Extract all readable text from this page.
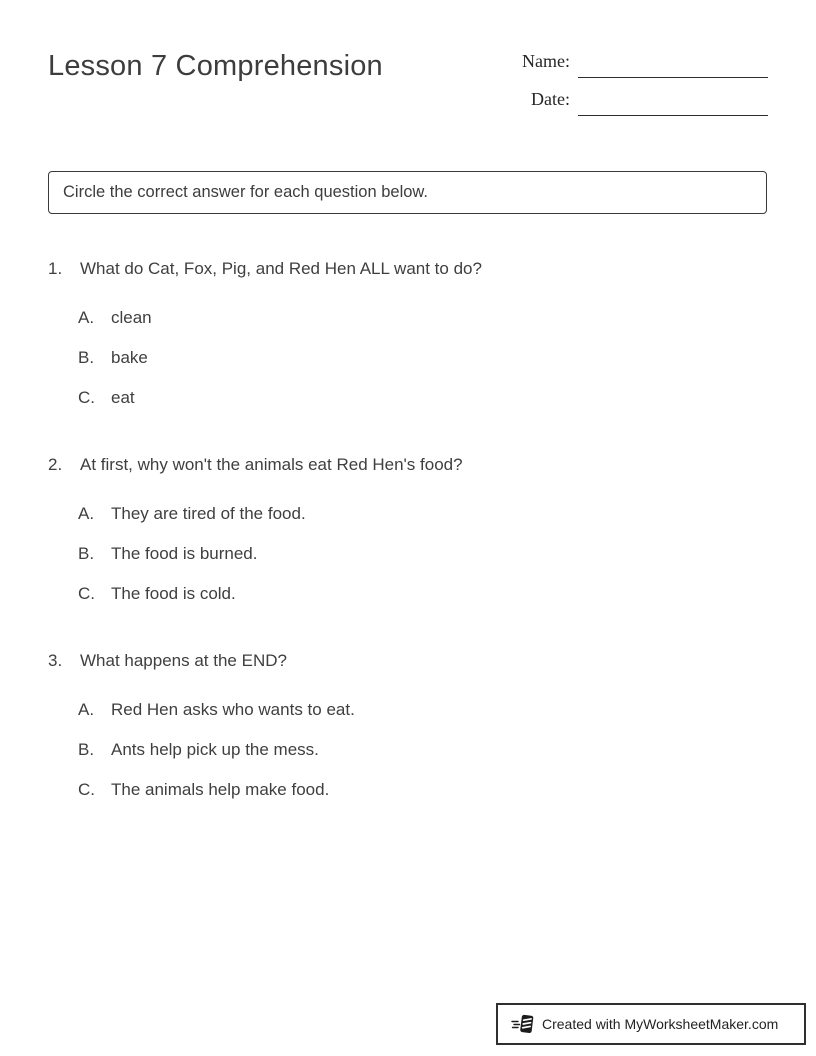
Lesson 7 Comprehension	Name:
Date:
Circle the correct answer for each question below.
1.	What do Cat, Fox, Pig, and Red Hen ALL want to do?
A. clean
B. bake
C. eat
2.	At first, why won't the animals eat Red Hen's food?
A. They are tired of the food.
B. The food is burned.
C. The food is cold.
3.	What happens at the END?
A. Red Hen asks who wants to eat.
B. Ants help pick up the mess.
C. The animals help make food.
Created with MyWorksheetMaker.com
